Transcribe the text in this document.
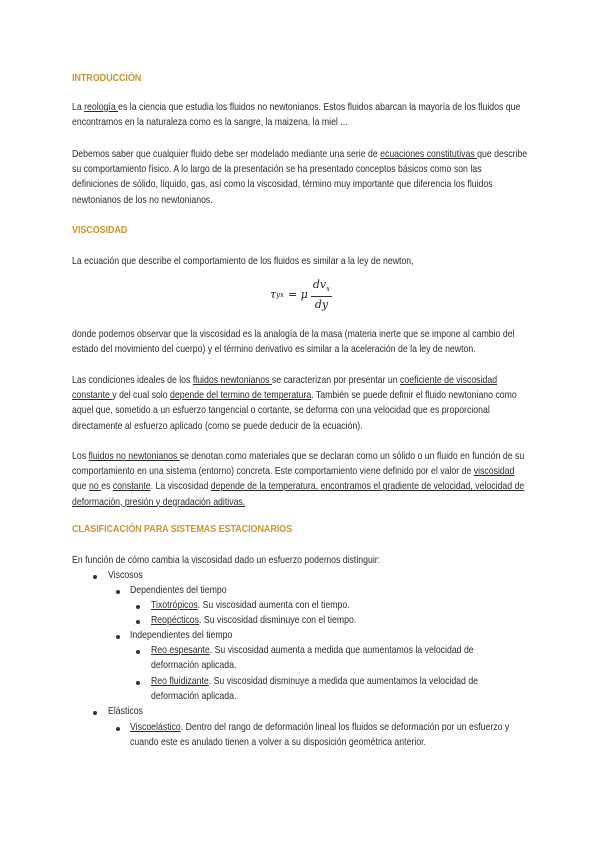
INTRODUCCIÓN

La reología es la ciencia que estudia los fluidos no newtonianos. Estos fluidos abarcan la mayoría de los fluidos que encontramos en la naturaleza como es la sangre, la maizena, la miel ...

Debemos saber que cualquier fluido debe ser modelado mediante una serie de ecuaciones constitutivas que describe su comportamiento físico. A lo largo de la presentación se ha presentado conceptos básicos como son las definiciones de sólido, líquido, gas, así como la viscosidad, término muy importante que diferencia los fluidos newtonianos de los no newtonianos.

VISCOSIDAD

La ecuación que describe el comportamiento de los fluidos es similar a la ley de newton,

τ yx = μ $\frac{dv_x}{dy}$

donde podemos observar que la viscosidad es la analogía de la masa (materia inerte que se impone al cambio del estado del movimiento del cuerpo) y el término derivativo es similar a la aceleración de la ley de newton.

Las condiciones ideales de los fluidos newtonianos se caracterizan por presentar un coeficiente de viscosidad constante y del cual solo depende del termino de temperatura. También se puede definir el fluido newtoniano como aquel que, sometido a un esfuerzo tangencial o cortante, se deforma con una velocidad que es proporcional directamente al esfuerzo aplicado (como se puede deducir de la ecuación).

Los fluidos no newtonianos se denotan como materiales que se declaran como un sólido o un fluido en función de su comportamiento en una sistema (entorno) concreta. Este comportamiento viene definido por el valor de viscosidad que no es constante. La viscosidad depende de la temperatura, encontramos el gradiente de velocidad, velocidad de deformación, presión y degradación aditivas.

CLASIFICACIÓN PARA SISTEMAS ESTACIONARIOS
En función de cómo cambia la viscosidad dado un esfuerzo podemos distinguir:
Viscosos
Dependientes del tiempo
Tixotrópicos. Su viscosidad aumenta con el tiempo.
Reopécticos. Su viscosidad disminuye con el tiempo.
Independientes del tiempo
Reo espesante. Su viscosidad aumenta a medida que aumentamos la velocidad de
deformación aplicada.
Reo fluidizante. Su viscosidad disminuye a medida que aumentamos la velocidad de
deformación aplicada.
Elásticos
Viscoelástico. Dentro del rango de deformación lineal los fluidos se deformación por un esfuerzo y
cuando este es anulado tienen a volver a su disposición geométrica anterior.
